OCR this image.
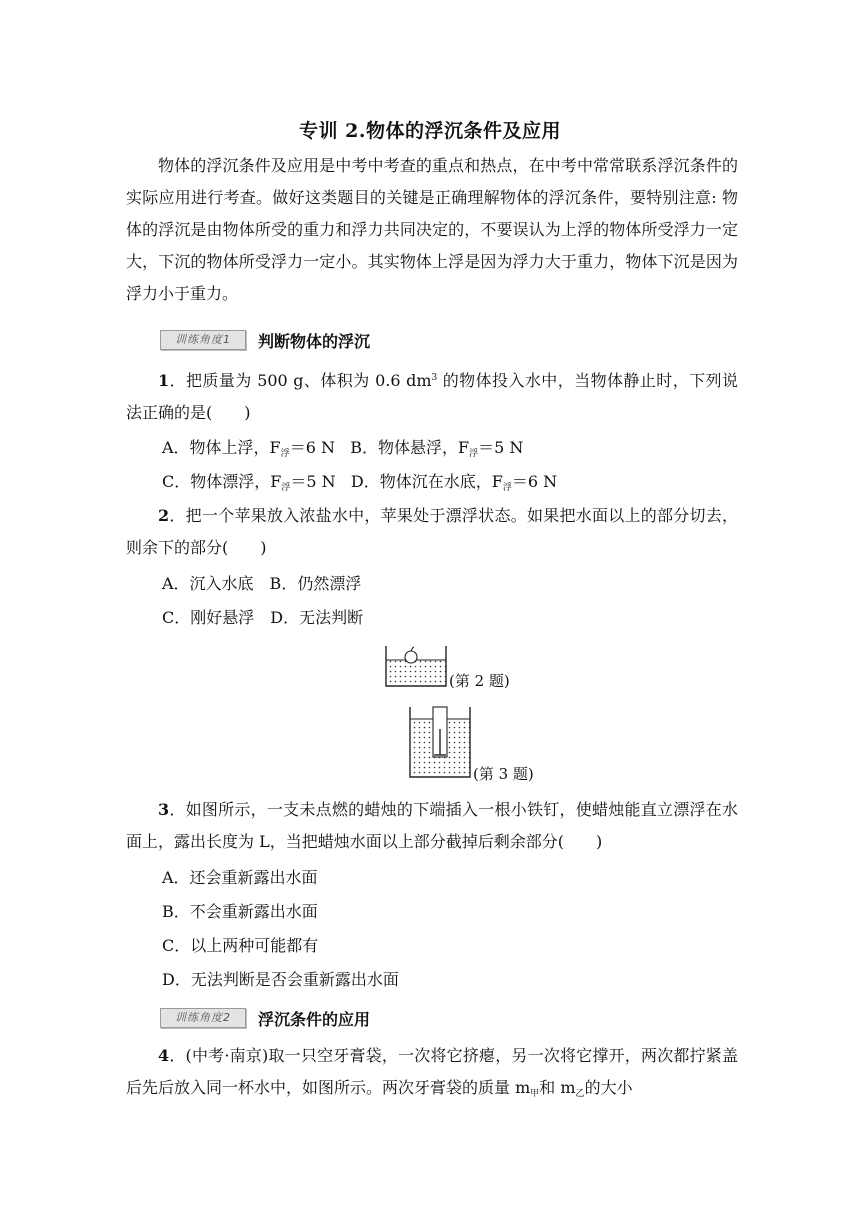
专训 2.物体的浮沉条件及应用
物体的浮沉条件及应用是中考中考查的重点和热点，在中考中常常联系浮沉条件的实际应用进行考查。做好这类题目的关键是正确理解物体的浮沉条件，要特别注意: 物体的浮沉是由物体所受的重力和浮力共同决定的，不要误认为上浮的物体所受浮力一定大，下沉的物体所受浮力一定小。其实物体上浮是因为浮力大于重力，物体下沉是因为浮力小于重力。
训练角度1	判断物体的浮沉
1．把质量为 500 g、体积为 0.6 $dm^3$ 的物体投入水中，当物体静止时，下列说法正确的是(　　)
A．物体上浮，$F_浮=6$ N B．物体悬浮，$F_浮=5$ N
C．物体漂浮，$F_浮=5$ N D．物体沉在水底，$F_浮=6$ N
2．把一个苹果放入浓盐水中，苹果处于漂浮状态。如果把水面以上的部分切去，则余下的部分(　　)
A．沉入水底　B．仍然漂浮
C．刚好悬浮　D．无法判断
(第 2 题)
(第 3 题)
3．如图所示，一支未点燃的蜡烛的下端插入一根小铁钉，使蜡烛能直立漂浮在水面上，露出长度为 L，当把蜡烛水面以上部分截掉后剩余部分(　　)
A．还会重新露出水面
B．不会重新露出水面
C．以上两种可能都有
D．无法判断是否会重新露出水面
训练角度2	浮沉条件的应用
4．(中考·南京)取一只空牙膏袋，一次将它挤瘪，另一次将它撑开，两次都拧紧盖后先后放入同一杯水中，如图所示。两次牙膏袋的质量 $m_甲$和 $m_乙$的大小
